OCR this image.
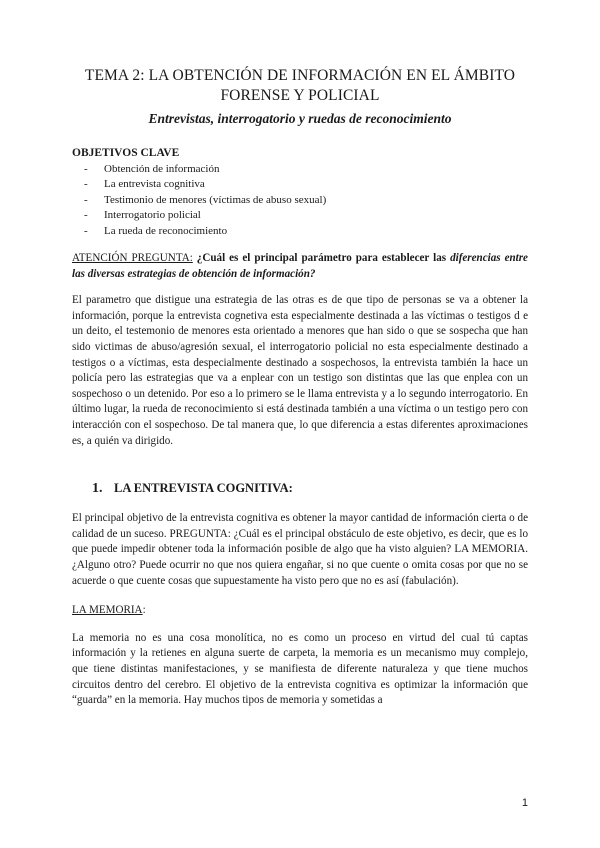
TEMA 2: LA OBTENCIÓN DE INFORMACIÓN EN EL ÁMBITO FORENSE Y POLICIAL
Entrevistas, interrogatorio y ruedas de reconocimiento
OBJETIVOS CLAVE
- Obtención de información
- La entrevista cognitiva
- Testimonio de menores (víctimas de abuso sexual)
- Interrogatorio policial
- La rueda de reconocimiento

ATENCIÓN PREGUNTA: ¿Cuál es el principal parámetro para establecer las diferencias entre las diversas estrategias de obtención de información?

El parametro que distigue una estrategia de las otras es de que tipo de personas se va a obtener la información, porque la entrevista cognetiva esta especialmente destinada a las víctimas o testigos d e un deito, el testemonio de menores esta orientado a menores que han sido o que se sospecha que han sido victimas de abuso/agresión sexual, el interrogatorio policial no esta especialmente destinado a testigos o a víctimas, esta despecialmente destinado a sospechosos, la entrevista también la hace un policía pero las estrategias que va a enplear con un testigo son distintas que las que enplea con un sospechoso o un detenido. Por eso a lo primero se le llama entrevista y a lo segundo interrogatorio. En último lugar, la rueda de reconocimiento si está destinada también a una víctima o un testigo pero con interacción con el sospechoso. De tal manera que, lo que diferencia a estas diferentes aproximaciones es, a quién va dirigido.

1. LA ENTREVISTA COGNITIVA:

El principal objetivo de la entrevista cognitiva es obtener la mayor cantidad de información cierta o de calidad de un suceso. PREGUNTA: ¿Cuál es el principal obstáculo de este objetivo, es decir, que es lo que puede impedir obtener toda la información posible de algo que ha visto alguien? LA MEMORIA. ¿Alguno otro? Puede ocurrir no que nos quiera engañar, si no que cuente o omita cosas por que no se acuerde o que cuente cosas que supuestamente ha visto pero que no es así (fabulación).

LA MEMORIA:

La memoria no es una cosa monolítica, no es como un proceso en virtud del cual tú captas información y la retienes en alguna suerte de carpeta, la memoria es un mecanismo muy complejo, que tiene distintas manifestaciones, y se manifiesta de diferente naturaleza y que tiene muchos circuitos dentro del cerebro. El objetivo de la entrevista cognitiva es optimizar la información que “guarda” en la memoria. Hay muchos tipos de memoria y sometidas a

1
